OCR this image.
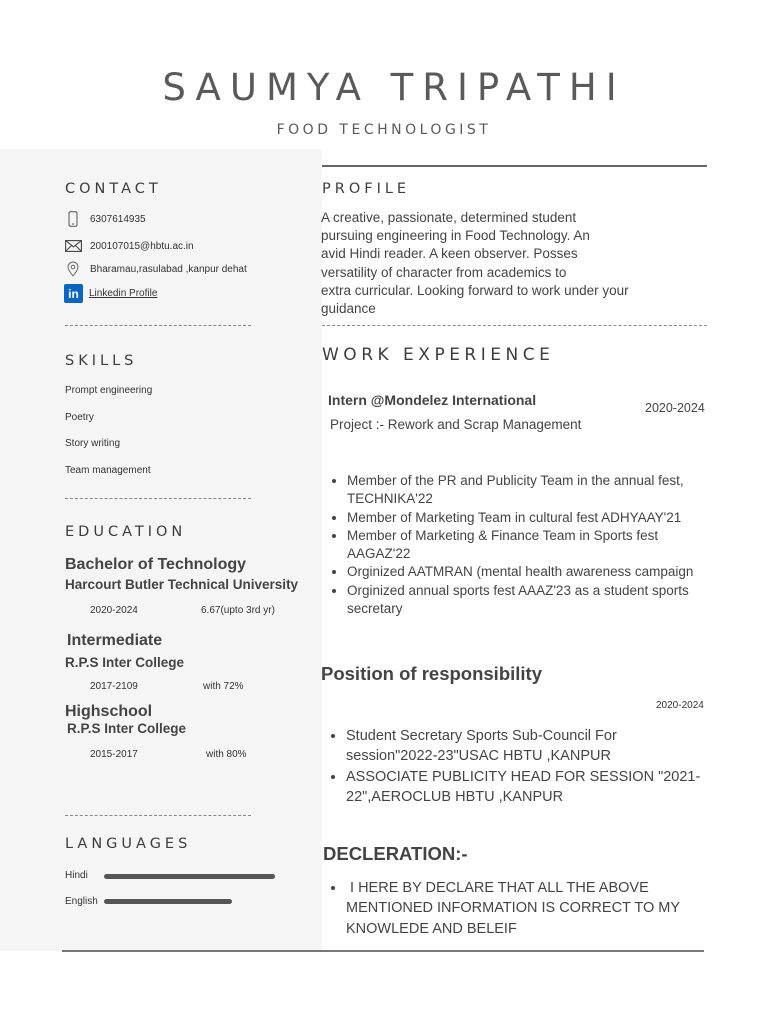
SAUMYA TRIPATHI
FOOD TECHNOLOGIST
CONTACT
6307614935
200107015@hbtu.ac.in
Bharamau,rasulabad ,kanpur dehat
in	Linkedin Profile
SKILLS
Prompt engineering
Poetry
Story writing
Team management
EDUCATION
Bachelor of Technology
Harcourt Butler Technical University
2020-2024	6.67(upto 3rd yr)
Intermediate
R.P.S Inter College
2017-2109	with 72%
Highschool
R.P.S Inter College
2015-2017	with 80%
LANGUAGES
Hindi
English
PROFILE
A creative, passionate, determined student
pursuing engineering in Food Technology. An
avid Hindi reader. A keen observer. Posses
versatility of character from academics to
extra curricular. Looking forward to work under your
guidance
WORK EXPERIENCE
Intern @Mondelez International	2020-2024
Project :- Rework and Scrap Management
• Member of the PR and Publicity Team in the annual fest, TECHNIKA'22
• Member of Marketing Team in cultural fest ADHYAAY'21
• Member of Marketing & Finance Team in Sports fest AAGAZ'22
• Orginized AATMRAN (mental health awareness campaign
• Orginized annual sports fest AAAZ'23 as a student sports secretary
Position of responsibility
2020-2024
• Student Secretary Sports Sub-Council For session"2022-23"USAC HBTU ,KANPUR
• ASSOCIATE PUBLICITY HEAD FOR SESSION "2021-22",AEROCLUB HBTU ,KANPUR
DECLERATION:-
•  I HERE BY DECLARE THAT ALL THE ABOVE MENTIONED INFORMATION IS CORRECT TO MY KNOWLEDE AND BELEIF
